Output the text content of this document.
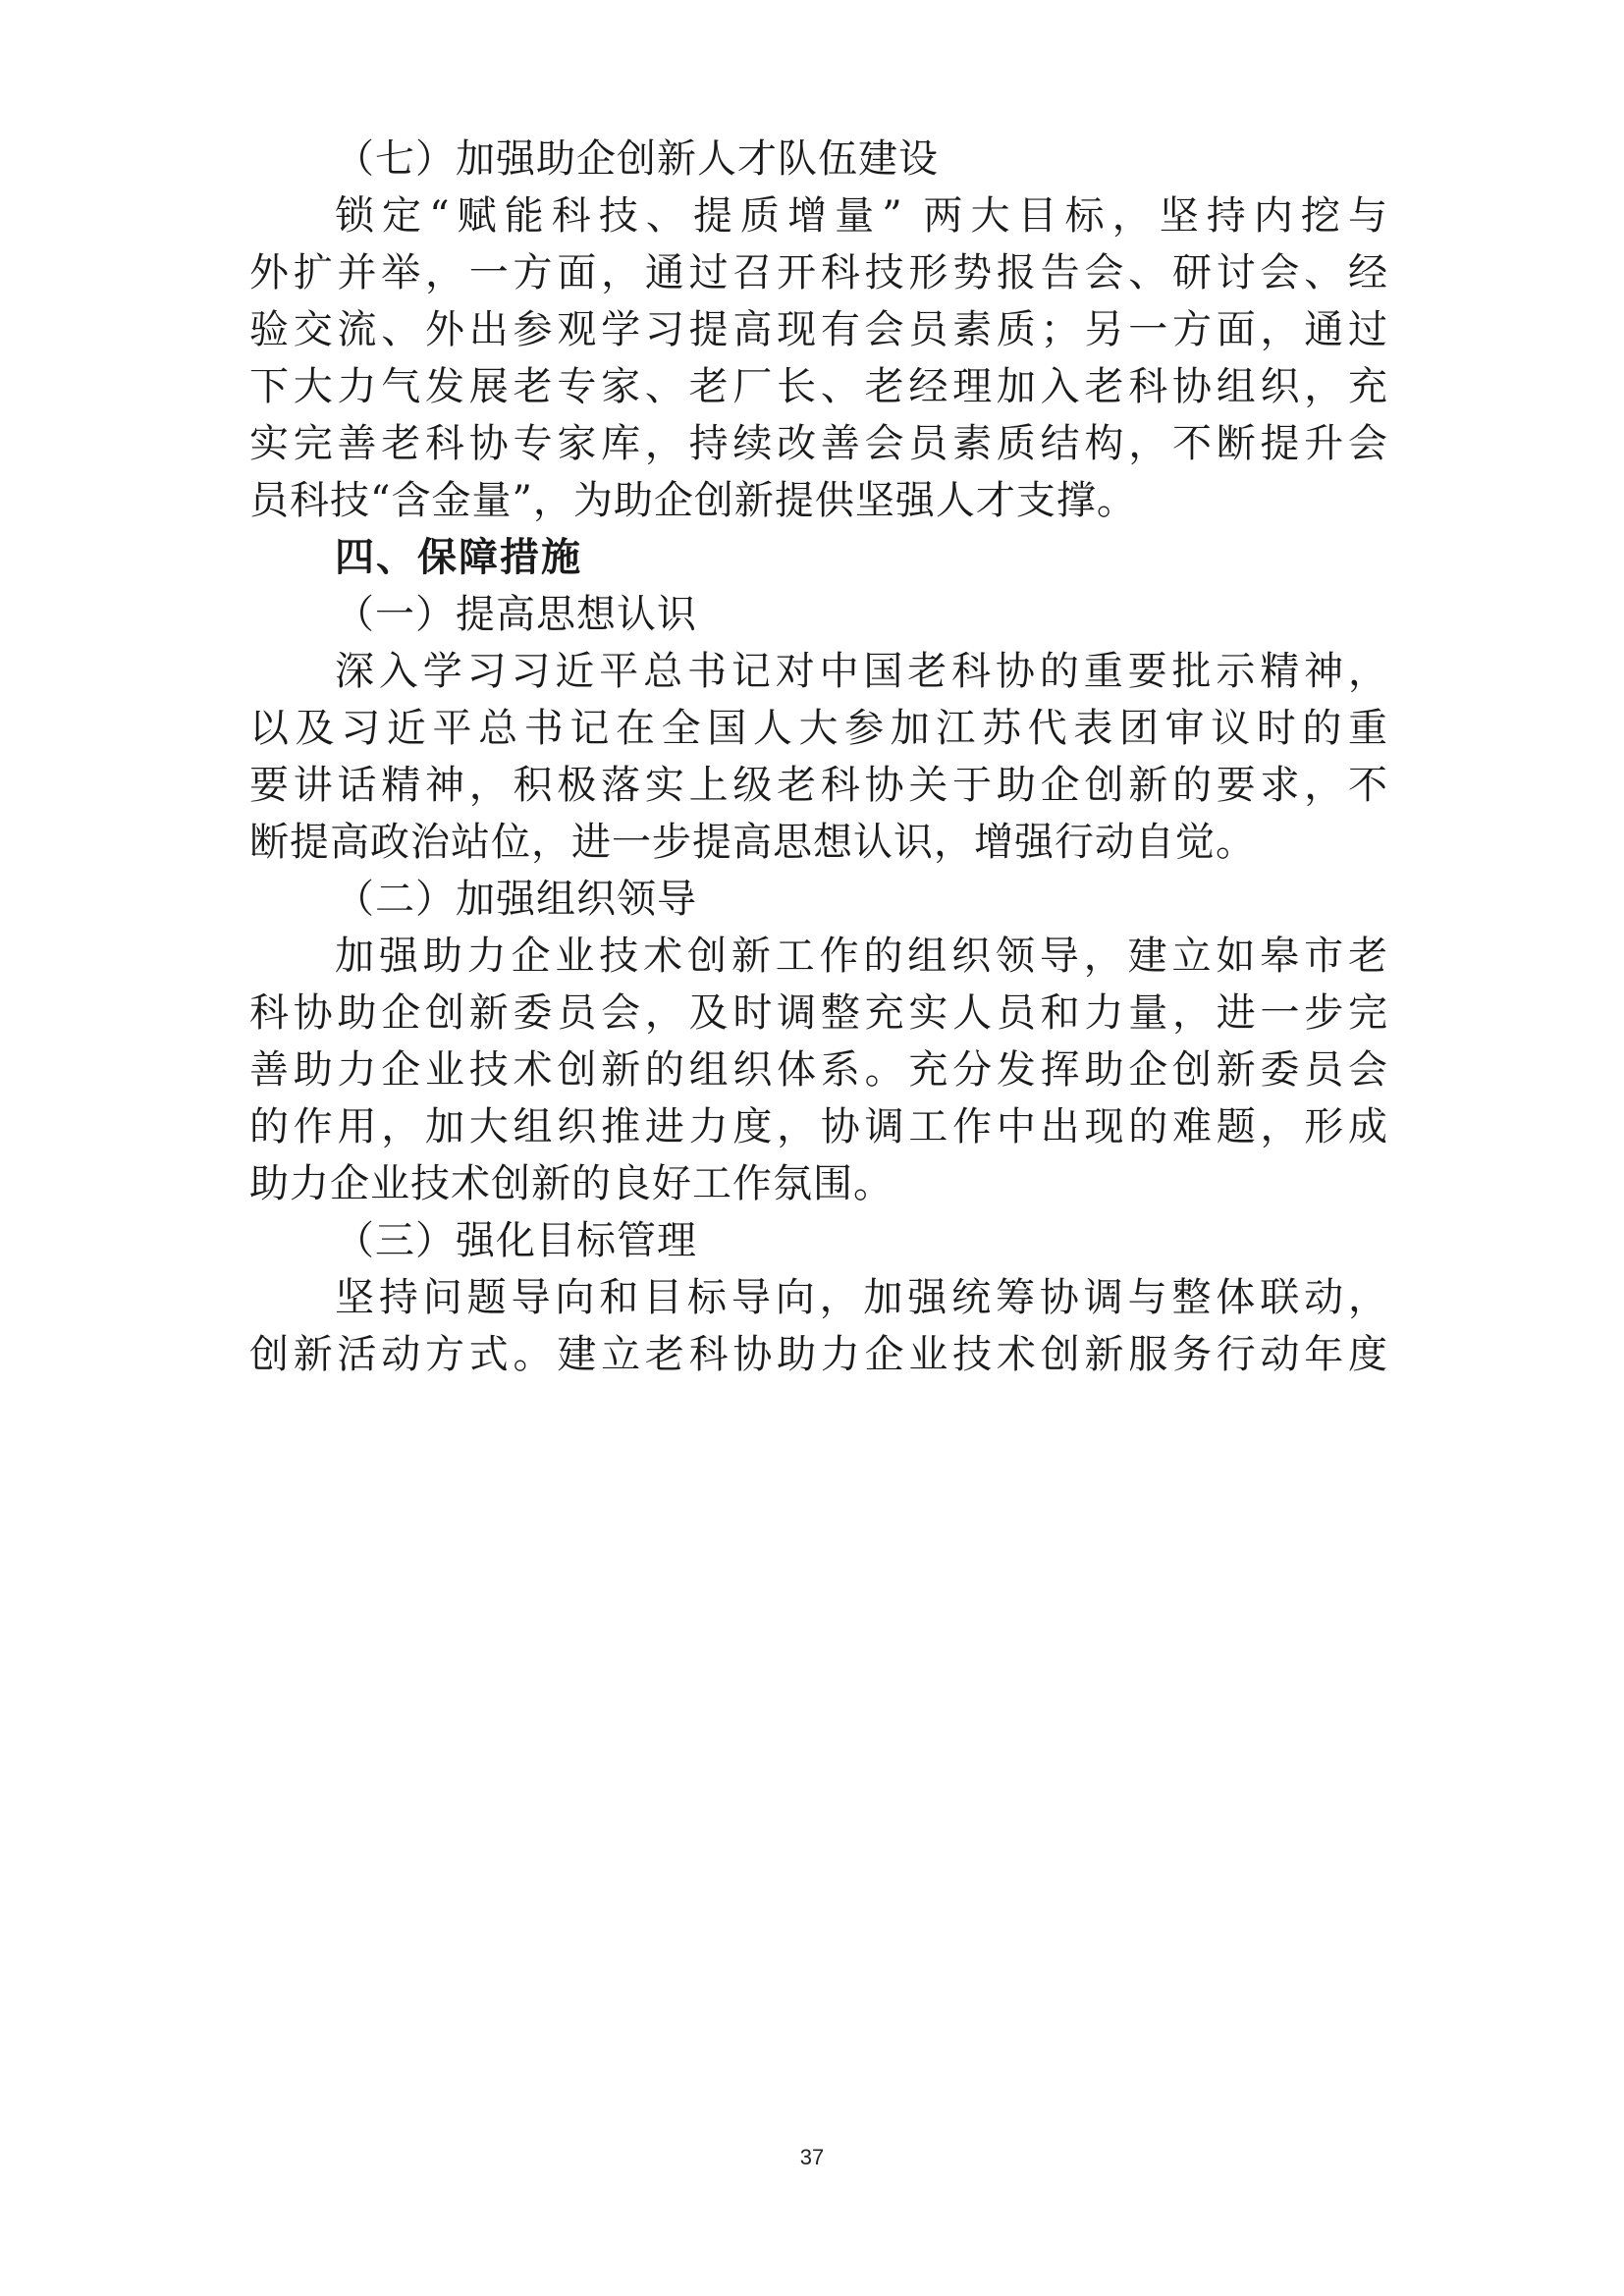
（七）加强助企创新人才队伍建设
锁定“赋能科技、提质增量” 两大目标，坚持内挖与
外扩并举，一方面，通过召开科技形势报告会、研讨会、经
验交流、外出参观学习提高现有会员素质；另一方面，通过
下大力气发展老专家、老厂长、老经理加入老科协组织，充
实完善老科协专家库，持续改善会员素质结构，不断提升会
员科技“含金量”，为助企创新提供坚强人才支撑。
四、保障措施
（一）提高思想认识
深入学习习近平总书记对中国老科协的重要批示精神，
以及习近平总书记在全国人大参加江苏代表团审议时的重
要讲话精神，积极落实上级老科协关于助企创新的要求，不
断提高政治站位，进一步提高思想认识，增强行动自觉。
（二）加强组织领导
加强助力企业技术创新工作的组织领导，建立如皋市老
科协助企创新委员会，及时调整充实人员和力量，进一步完
善助力企业技术创新的组织体系。充分发挥助企创新委员会
的作用，加大组织推进力度，协调工作中出现的难题，形成
助力企业技术创新的良好工作氛围。
（三）强化目标管理
坚持问题导向和目标导向，加强统筹协调与整体联动，
创新活动方式。建立老科协助力企业技术创新服务行动年度
37
